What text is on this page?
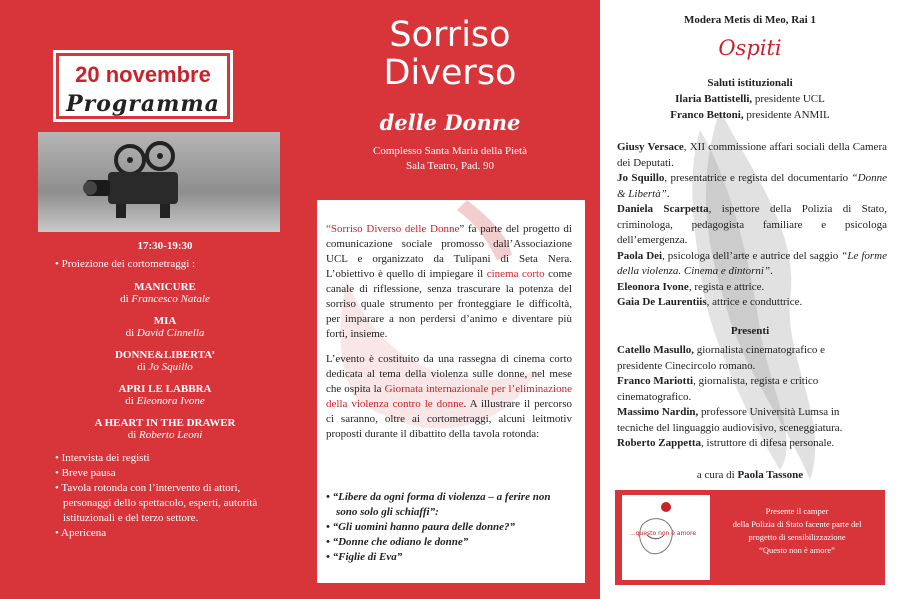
20 novembre
Programma
17:30-19:30
• Proiezione dei cortometraggi :
MANICURE
di Francesco Natale
MIA
di David Cinnella
DONNE&LIBERTA’
di Jo Squillo
APRI LE LABBRA
di Eleonora Ivone
A HEART IN THE DRAWER
di Roberto Leoni
• Intervista dei registi
• Breve pausa
• Tavola rotonda con l’intervento di attori, personaggi dello spettacolo, esperti, autorità istituzionali e del terzo settore.
• Apericena
Sorriso
Diverso
delle Donne
Complesso Santa Maria della Pietà
Sala Teatro, Pad. 90

“Sorriso Diverso delle Donne” fa parte del progetto di comunicazione sociale promosso dall’Associazione UCL e organizzato da Tulipani di Seta Nera. L’obiettivo è quello di impiegare il cinema corto come canale di riflessione, senza trascurare la potenza del sorriso quale strumento per fronteggiare le difficoltà, per imparare a non perdersi d’animo e diventare più forti, insieme.

L’evento è costituito da una rassegna di cinema corto dedicata al tema della violenza sulle donne, nel mese che ospita la Giornata internazionale per l’eliminazione della violenza contro le donne. A illustrare il percorso ci saranno, oltre ai cortometraggi, alcuni leitmotiv proposti durante il dibattito della tavola rotonda:

• “Libere da ogni forma di violenza – a ferire non sono solo gli schiaffi”:
• “Gli uomini hanno paura delle donne?”
• “Donne che odiano le donne”
• “Figlie di Eva”
Modera Metis di Meo, Rai 1
Ospiti
Saluti istituzionali
Ilaria Battistelli, presidente UCL
Franco Bettoni, presidente ANMIL
Giusy Versace, XII commissione affari sociali della Camera dei Deputati.
Jo Squillo, presentatrice e regista del documentario “Donne & Libertà”.
Daniela Scarpetta, ispettore della Polizia di Stato, criminologa, pedagogista familiare e psicologa dell’emergenza.
Paola Dei, psicologa dell’arte e autrice del saggio “Le forme della violenza. Cinema e dintorni”.
Eleonora Ivone, regista e attrice.
Gaia De Laurentiis, attrice e conduttrice.
Presenti
Catello Masullo, giornalista cinematografico e presidente Cinecircolo romano.
Franco Mariotti, giornalista, regista e critico cinematografico.
Massimo Nardin, professore Università Lumsa in tecniche del linguaggio audiovisivo, sceneggiatura.
Roberto Zappetta, istruttore di difesa personale.
a cura di Paola Tassone
...questo non è amore
Presente il camper
della Polizia di Stato facente parte del
progetto di sensibilizzazione
“Questo non è amore”
